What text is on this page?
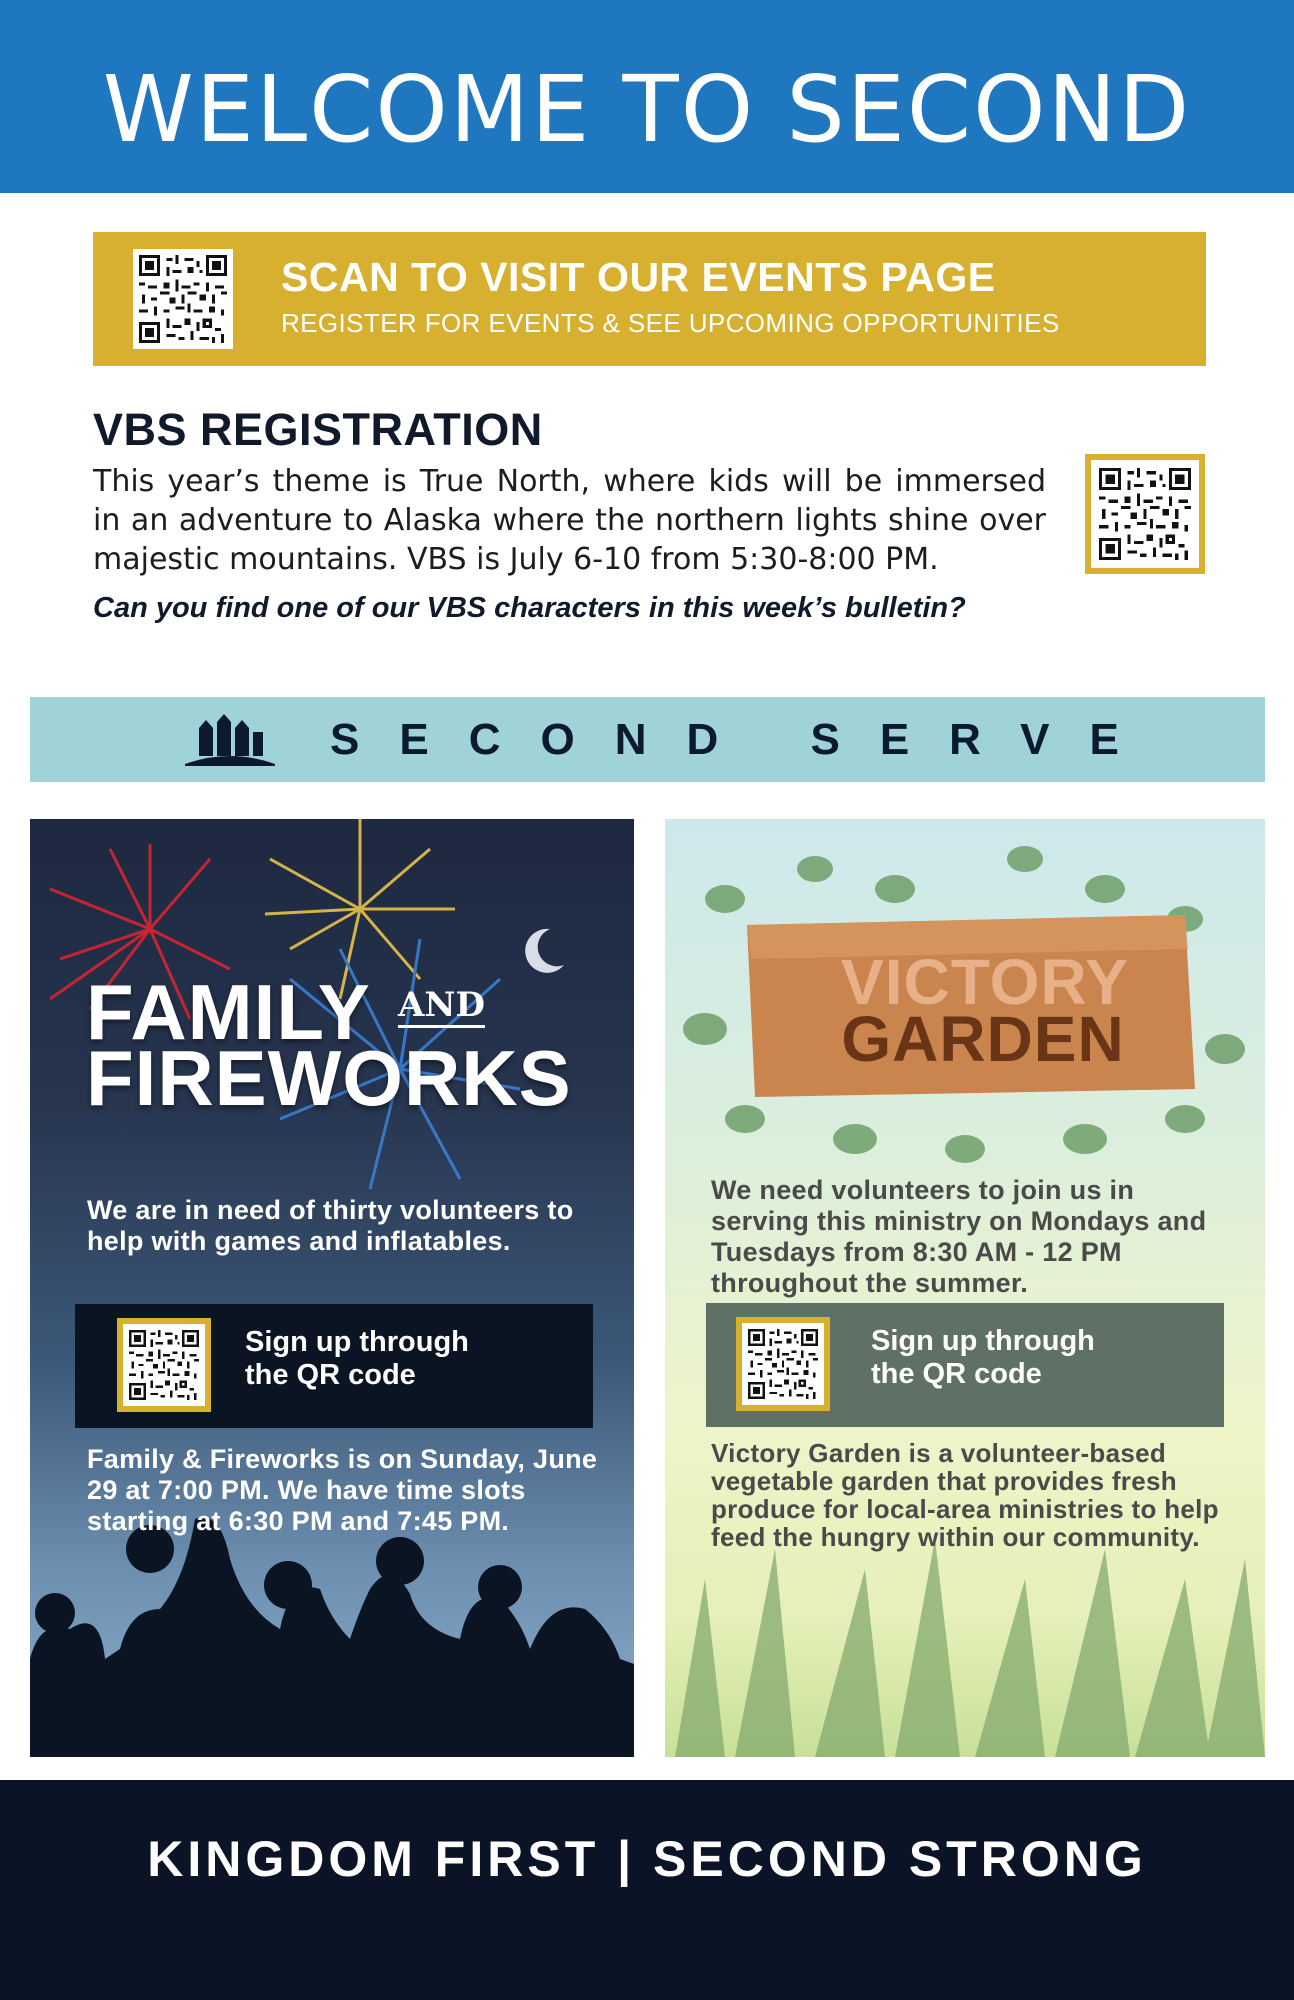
WELCOME TO SECOND
SCAN TO VISIT OUR EVENTS PAGE
REGISTER FOR EVENTS & SEE UPCOMING OPPORTUNITIES
VBS REGISTRATION
This year’s theme is True North, where kids will be immersed in an adventure to Alaska where the northern lights shine over majestic mountains. VBS is July 6-10 from 5:30-8:00 PM.
Can you find one of our VBS characters in this week’s bulletin?
SECOND SERVE
FAMILY AND
FIREWORKS
We are in need of thirty volunteers to help with games and inflatables.
Sign up through
the QR code
Family & Fireworks is on Sunday, June 29 at 7:00 PM. We have time slots starting at 6:30 PM and 7:45 PM.
VICTORY
GARDEN
We need volunteers to join us in serving this ministry on Mondays and Tuesdays from 8:30 AM - 12 PM throughout the summer.
Sign up through
the QR code
Victory Garden is a volunteer-based vegetable garden that provides fresh produce for local-area ministries to help feed the hungry within our community.
KINGDOM FIRST | SECOND STRONG
